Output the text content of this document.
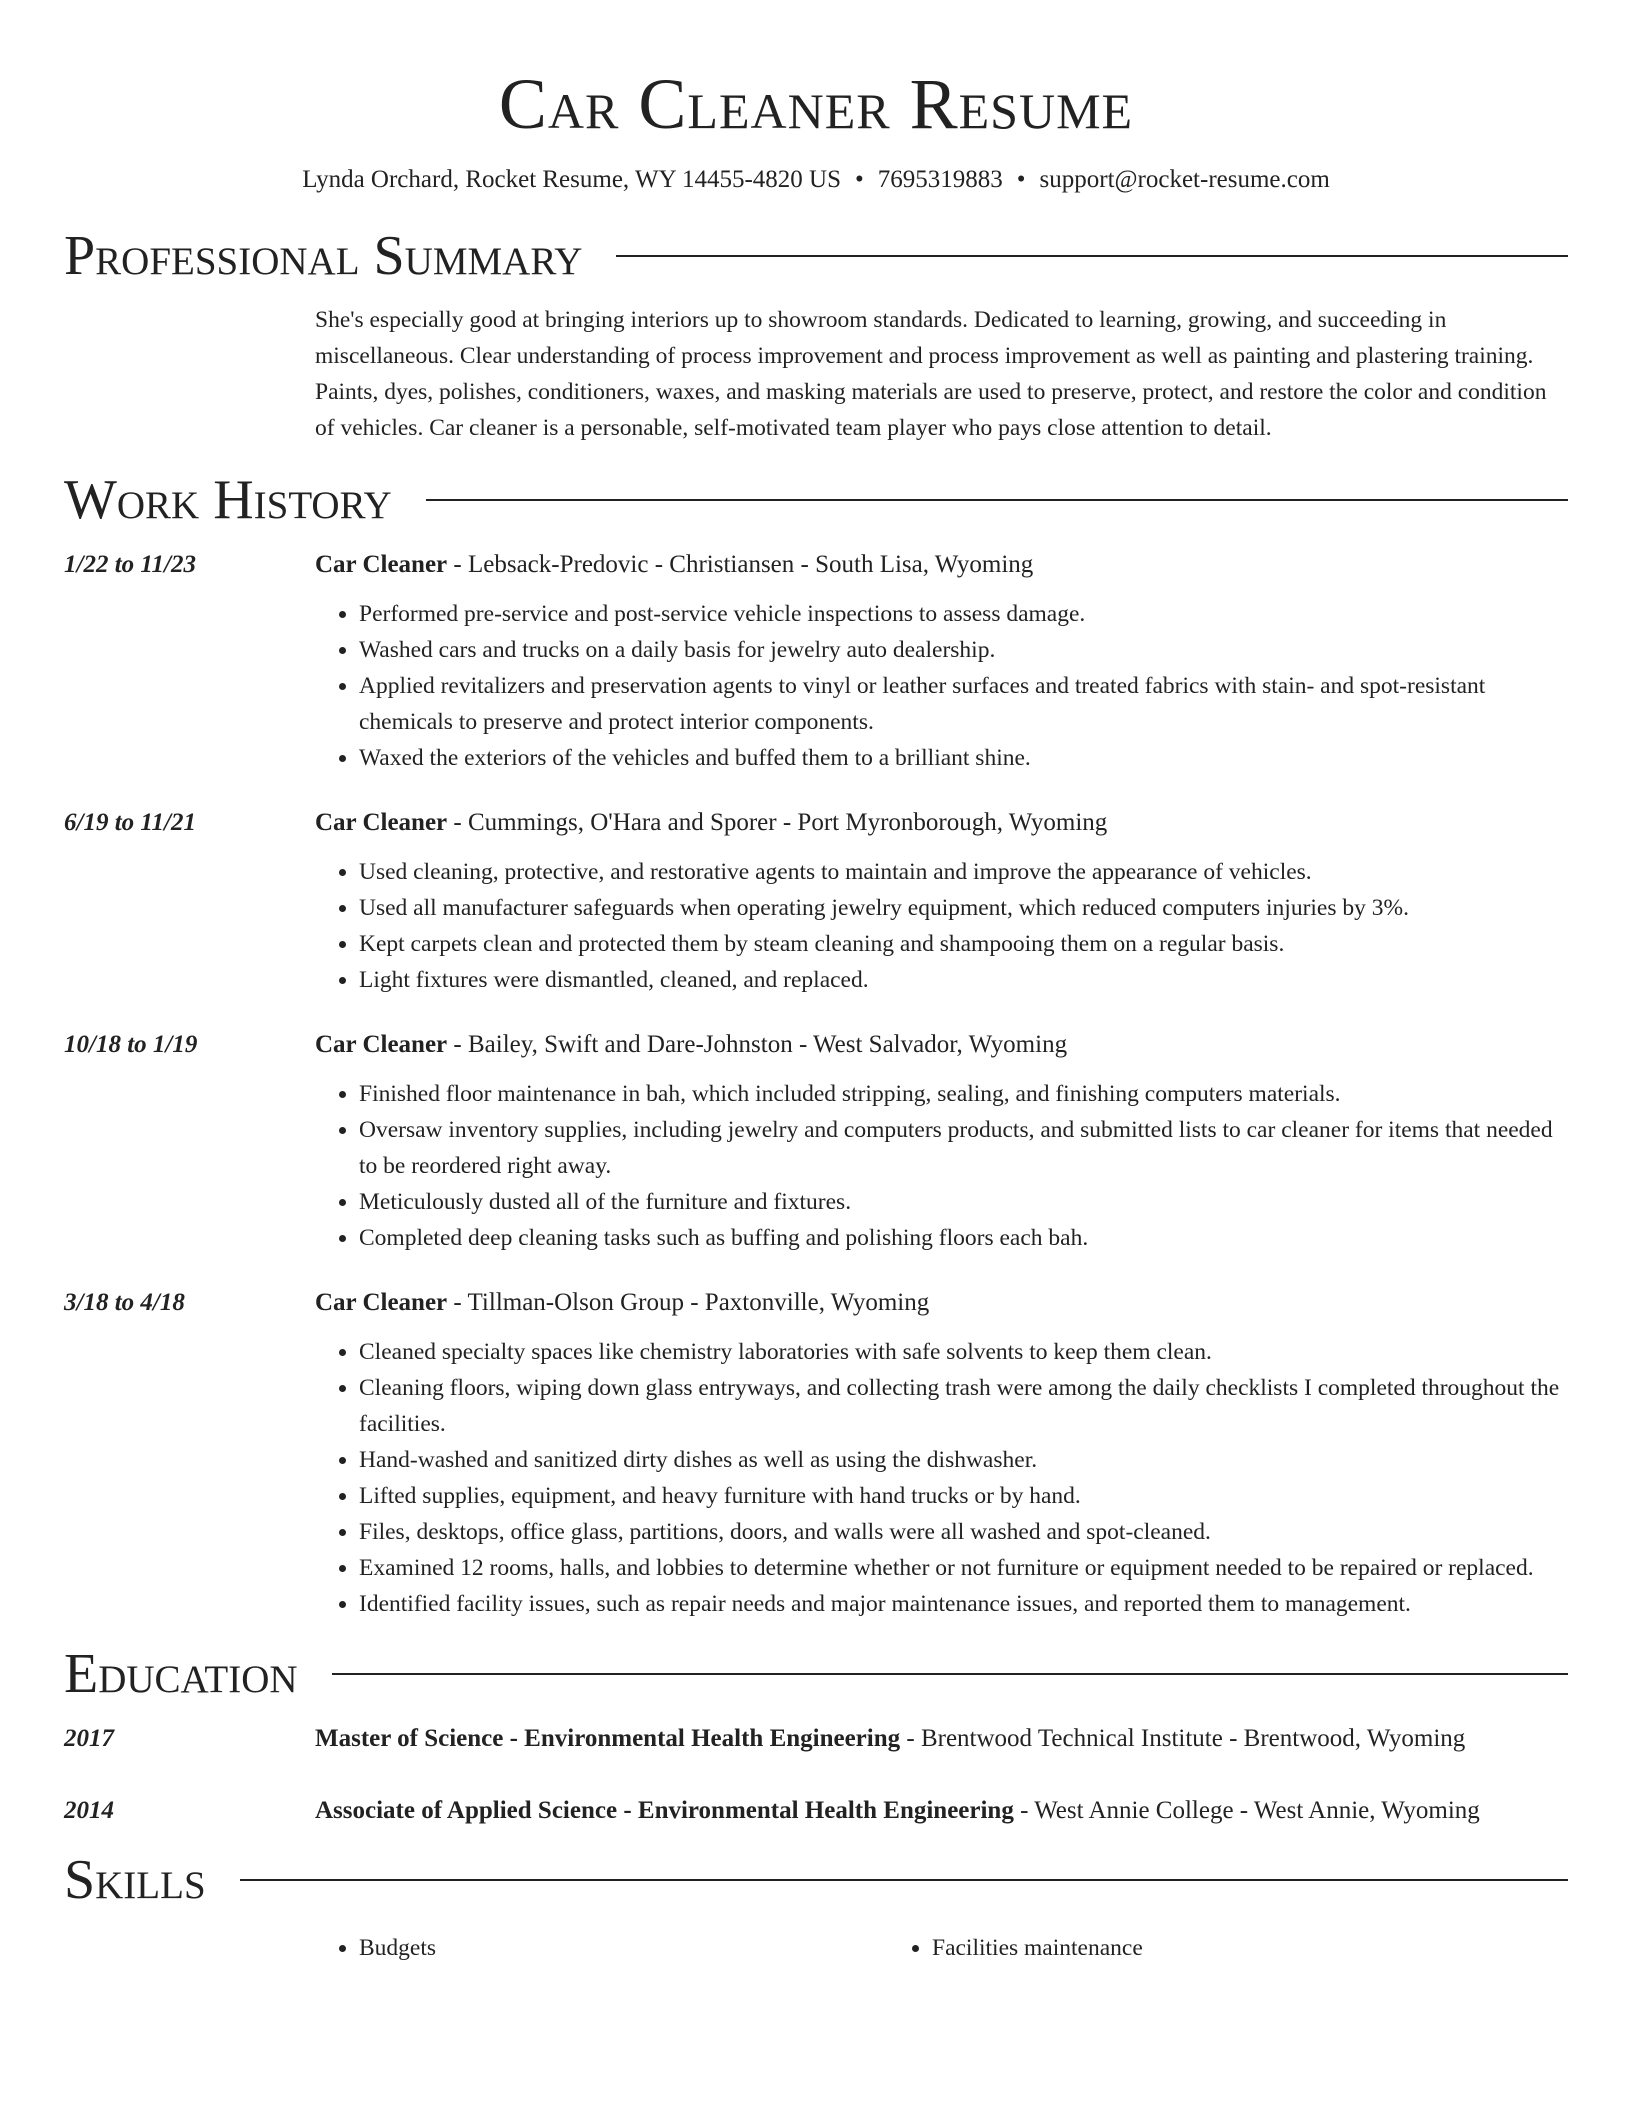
Car Cleaner Resume
Lynda Orchard, Rocket Resume, WY 14455-4820 US • 7695319883 • support@rocket-resume.com
Professional Summary
She's especially good at bringing interiors up to showroom standards. Dedicated to learning, growing, and succeeding in miscellaneous. Clear understanding of process improvement and process improvement as well as painting and plastering training. Paints, dyes, polishes, conditioners, waxes, and masking materials are used to preserve, protect, and restore the color and condition of vehicles. Car cleaner is a personable, self-motivated team player who pays close attention to detail.
Work History
1/22 to 11/23	Car Cleaner - Lebsack-Predovic - Christiansen - South Lisa, Wyoming
• Performed pre-service and post-service vehicle inspections to assess damage.
• Washed cars and trucks on a daily basis for jewelry auto dealership.
• Applied revitalizers and preservation agents to vinyl or leather surfaces and treated fabrics with stain- and spot-resistant chemicals to preserve and protect interior components.
• Waxed the exteriors of the vehicles and buffed them to a brilliant shine.
6/19 to 11/21	Car Cleaner - Cummings, O'Hara and Sporer - Port Myronborough, Wyoming
• Used cleaning, protective, and restorative agents to maintain and improve the appearance of vehicles.
• Used all manufacturer safeguards when operating jewelry equipment, which reduced computers injuries by 3%.
• Kept carpets clean and protected them by steam cleaning and shampooing them on a regular basis.
• Light fixtures were dismantled, cleaned, and replaced.
10/18 to 1/19	Car Cleaner - Bailey, Swift and Dare-Johnston - West Salvador, Wyoming
• Finished floor maintenance in bah, which included stripping, sealing, and finishing computers materials.
• Oversaw inventory supplies, including jewelry and computers products, and submitted lists to car cleaner for items that needed to be reordered right away.
• Meticulously dusted all of the furniture and fixtures.
• Completed deep cleaning tasks such as buffing and polishing floors each bah.
3/18 to 4/18	Car Cleaner - Tillman-Olson Group - Paxtonville, Wyoming
• Cleaned specialty spaces like chemistry laboratories with safe solvents to keep them clean.
• Cleaning floors, wiping down glass entryways, and collecting trash were among the daily checklists I completed throughout the facilities.
• Hand-washed and sanitized dirty dishes as well as using the dishwasher.
• Lifted supplies, equipment, and heavy furniture with hand trucks or by hand.
• Files, desktops, office glass, partitions, doors, and walls were all washed and spot-cleaned.
• Examined 12 rooms, halls, and lobbies to determine whether or not furniture or equipment needed to be repaired or replaced.
• Identified facility issues, such as repair needs and major maintenance issues, and reported them to management.
Education
2017	Master of Science - Environmental Health Engineering - Brentwood Technical Institute - Brentwood, Wyoming
2014	Associate of Applied Science - Environmental Health Engineering - West Annie College - West Annie, Wyoming
Skills
• Budgets
•	Facilities maintenance
